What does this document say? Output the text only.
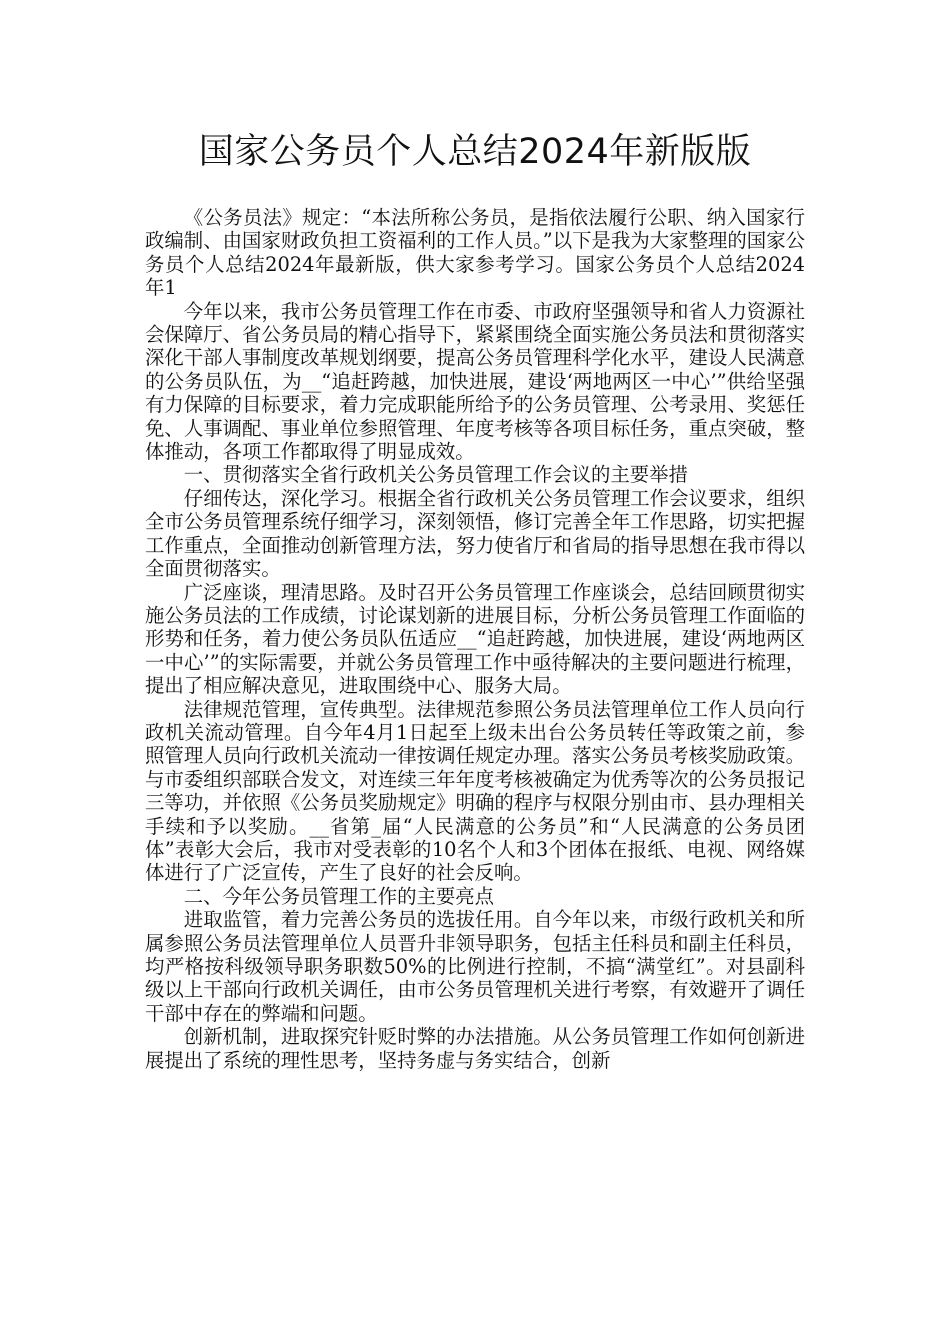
国家公务员个人总结2024年新版版

《公务员法》规定：“本法所称公务员，是指依法履行公职、纳入国家行政编制、由国家财政负担工资福利的工作人员。”以下是我为大家整理的国家公务员个人总结2024年最新版，供大家参考学习。国家公务员个人总结2024年1

今年以来，我市公务员管理工作在市委、市政府坚强领导和省人力资源社会保障厅、省公务员局的精心指导下，紧紧围绕全面实施公务员法和贯彻落实深化干部人事制度改革规划纲要，提高公务员管理科学化水平，建设人民满意的公务员队伍，为__“追赶跨越，加快进展，建设‘两地两区一中心’”供给坚强有力保障的目标要求，着力完成职能所给予的公务员管理、公考录用、奖惩任免、人事调配、事业单位参照管理、年度考核等各项目标任务，重点突破，整体推动，各项工作都取得了明显成效。

一、贯彻落实全省行政机关公务员管理工作会议的主要举措

仔细传达，深化学习。根据全省行政机关公务员管理工作会议要求，组织全市公务员管理系统仔细学习，深刻领悟，修订完善全年工作思路，切实把握工作重点，全面推动创新管理方法，努力使省厅和省局的指导思想在我市得以全面贯彻落实。

广泛座谈，理清思路。及时召开公务员管理工作座谈会，总结回顾贯彻实施公务员法的工作成绩，讨论谋划新的进展目标，分析公务员管理工作面临的形势和任务，着力使公务员队伍适应__“追赶跨越，加快进展，建设‘两地两区一中心’”的实际需要，并就公务员管理工作中亟待解决的主要问题进行梳理，提出了相应解决意见，进取围绕中心、服务大局。

法律规范管理，宣传典型。法律规范参照公务员法管理单位工作人员向行政机关流动管理。自今年4月1日起至上级未出台公务员转任等政策之前，参照管理人员向行政机关流动一律按调任规定办理。落实公务员考核奖励政策。与市委组织部联合发文，对连续三年年度考核被确定为优秀等次的公务员报记三等功，并依照《公务员奖励规定》明确的程序与权限分别由市、县办理相关手续和予以奖励。__省第_届“人民满意的公务员”和“人民满意的公务员团体”表彰大会后，我市对受表彰的10名个人和3个团体在报纸、电视、网络媒体进行了广泛宣传，产生了良好的社会反响。

二、今年公务员管理工作的主要亮点

进取监管，着力完善公务员的选拔任用。自今年以来，市级行政机关和所属参照公务员法管理单位人员晋升非领导职务，包括主任科员和副主任科员，均严格按科级领导职务职数50%的比例进行控制，不搞“满堂红”。对县副科级以上干部向行政机关调任，由市公务员管理机关进行考察，有效避开了调任干部中存在的弊端和问题。

创新机制，进取探究针贬时弊的办法措施。从公务员管理工作如何创新进展提出了系统的理性思考，坚持务虚与务实结合，创新
